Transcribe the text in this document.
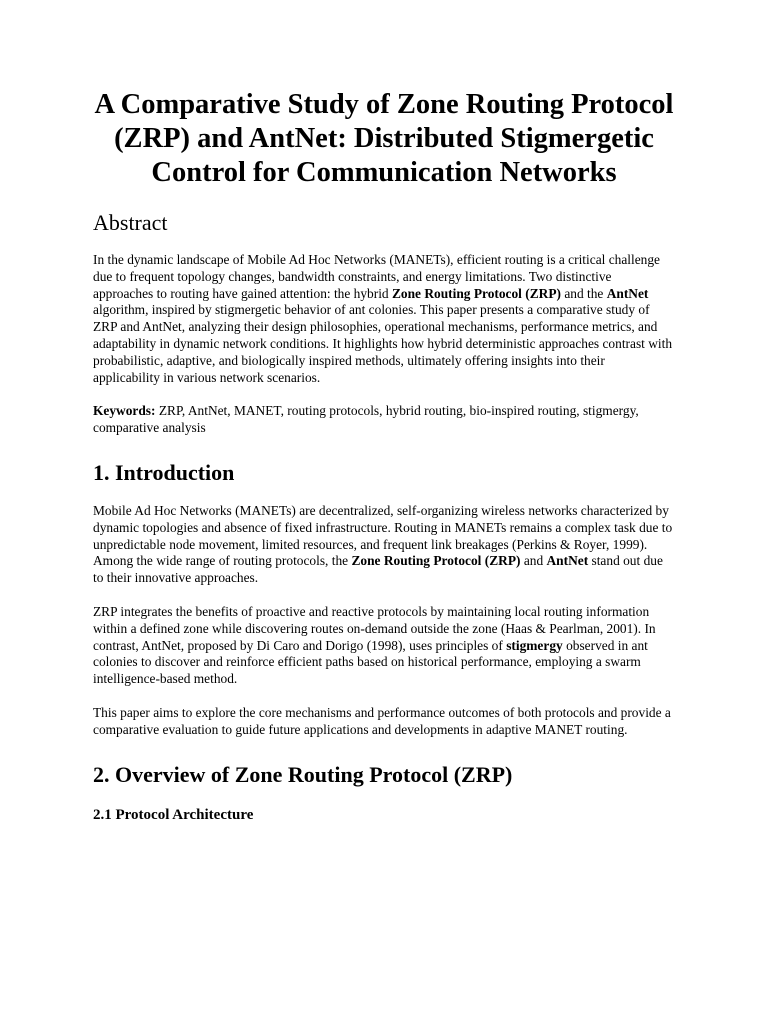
A Comparative Study of Zone Routing Protocol (ZRP) and AntNet: Distributed Stigmergetic Control for Communication Networks
Abstract

In the dynamic landscape of Mobile Ad Hoc Networks (MANETs), efficient routing is a critical challenge due to frequent topology changes, bandwidth constraints, and energy limitations. Two distinctive approaches to routing have gained attention: the hybrid Zone Routing Protocol (ZRP) and the AntNet algorithm, inspired by stigmergetic behavior of ant colonies. This paper presents a comparative study of ZRP and AntNet, analyzing their design philosophies, operational mechanisms, performance metrics, and adaptability in dynamic network conditions. It highlights how hybrid deterministic approaches contrast with probabilistic, adaptive, and biologically inspired methods, ultimately offering insights into their applicability in various network scenarios.

Keywords: ZRP, AntNet, MANET, routing protocols, hybrid routing, bio-inspired routing, stigmergy, comparative analysis

1. Introduction

Mobile Ad Hoc Networks (MANETs) are decentralized, self-organizing wireless networks characterized by dynamic topologies and absence of fixed infrastructure. Routing in MANETs remains a complex task due to unpredictable node movement, limited resources, and frequent link breakages (Perkins & Royer, 1999). Among the wide range of routing protocols, the Zone Routing Protocol (ZRP) and AntNet stand out due to their innovative approaches.

ZRP integrates the benefits of proactive and reactive protocols by maintaining local routing information within a defined zone while discovering routes on-demand outside the zone (Haas & Pearlman, 2001). In contrast, AntNet, proposed by Di Caro and Dorigo (1998), uses principles of stigmergy observed in ant colonies to discover and reinforce efficient paths based on historical performance, employing a swarm intelligence-based method.

This paper aims to explore the core mechanisms and performance outcomes of both protocols and provide a comparative evaluation to guide future applications and developments in adaptive MANET routing.

2. Overview of Zone Routing Protocol (ZRP)
2.1 Protocol Architecture
